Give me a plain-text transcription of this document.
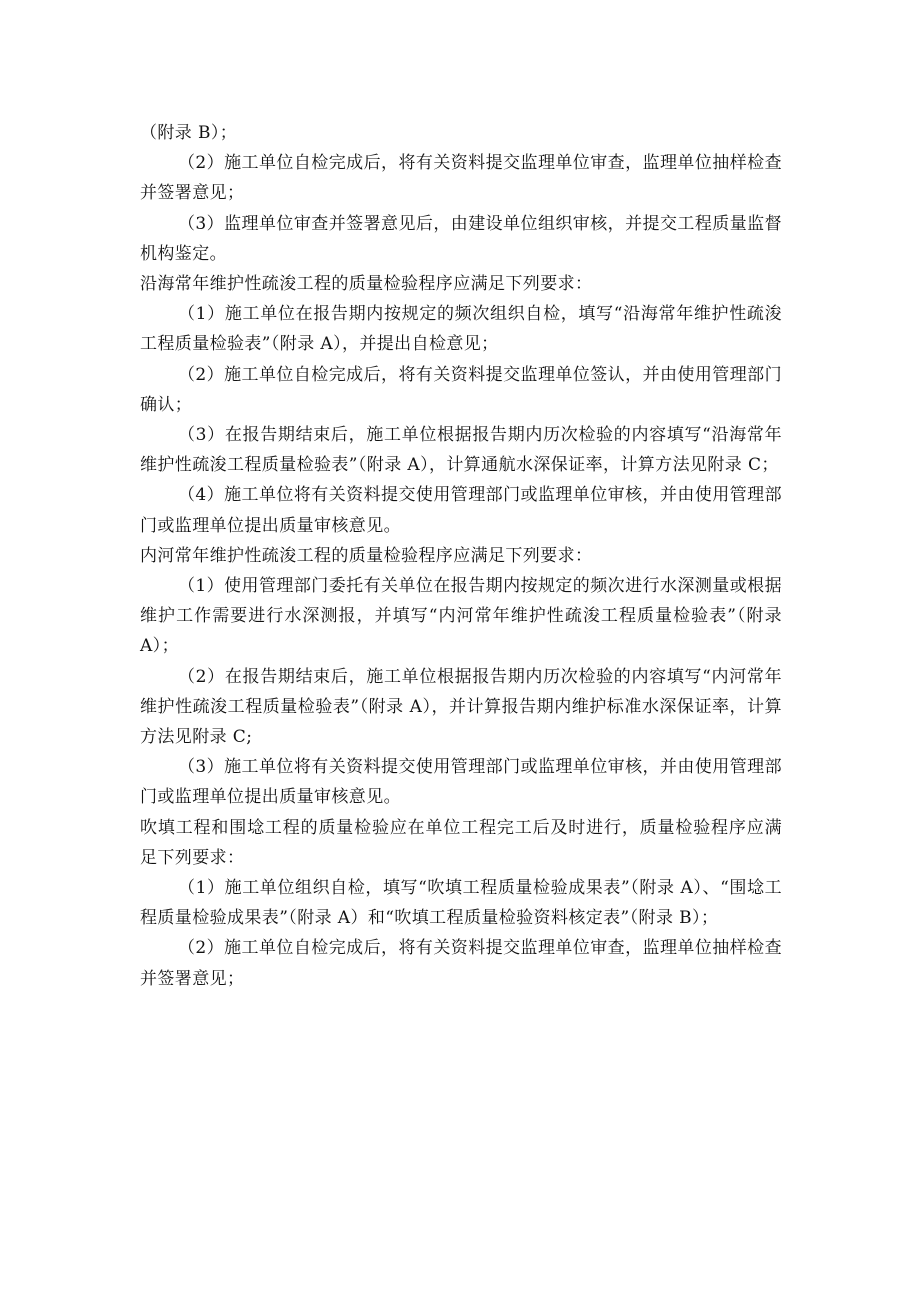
（附录 B）；

（2）施工单位自检完成后，将有关资料提交监理单位审查，监理单位抽样检查并签署意见；

（3）监理单位审查并签署意见后，由建设单位组织审核，并提交工程质量监督机构鉴定。

沿海常年维护性疏浚工程的质量检验程序应满足下列要求：

（1）施工单位在报告期内按规定的频次组织自检，填写“沿海常年维护性疏浚工程质量检验表”（附录 A），并提出自检意见；

（2）施工单位自检完成后，将有关资料提交监理单位签认，并由使用管理部门确认；

（3）在报告期结束后，施工单位根据报告期内历次检验的内容填写“沿海常年维护性疏浚工程质量检验表”（附录 A），计算通航水深保证率，计算方法见附录 C；

（4）施工单位将有关资料提交使用管理部门或监理单位审核，并由使用管理部门或监理单位提出质量审核意见。

内河常年维护性疏浚工程的质量检验程序应满足下列要求：

（1）使用管理部门委托有关单位在报告期内按规定的频次进行水深测量或根据维护工作需要进行水深测报，并填写“内河常年维护性疏浚工程质量检验表”（附录 A）；

（2）在报告期结束后，施工单位根据报告期内历次检验的内容填写“内河常年维护性疏浚工程质量检验表”（附录 A），并计算报告期内维护标准水深保证率，计算方法见附录 C;

（3）施工单位将有关资料提交使用管理部门或监理单位审核，并由使用管理部门或监理单位提出质量审核意见。

吹填工程和围埝工程的质量检验应在单位工程完工后及时进行，质量检验程序应满足下列要求：

（1）施工单位组织自检，填写“吹填工程质量检验成果表”（附录 A）、“围埝工程质量检验成果表”（附录 A）和“吹填工程质量检验资料核定表”（附录 B）；

（2）施工单位自检完成后，将有关资料提交监理单位审查，监理单位抽样检查并签署意见；
